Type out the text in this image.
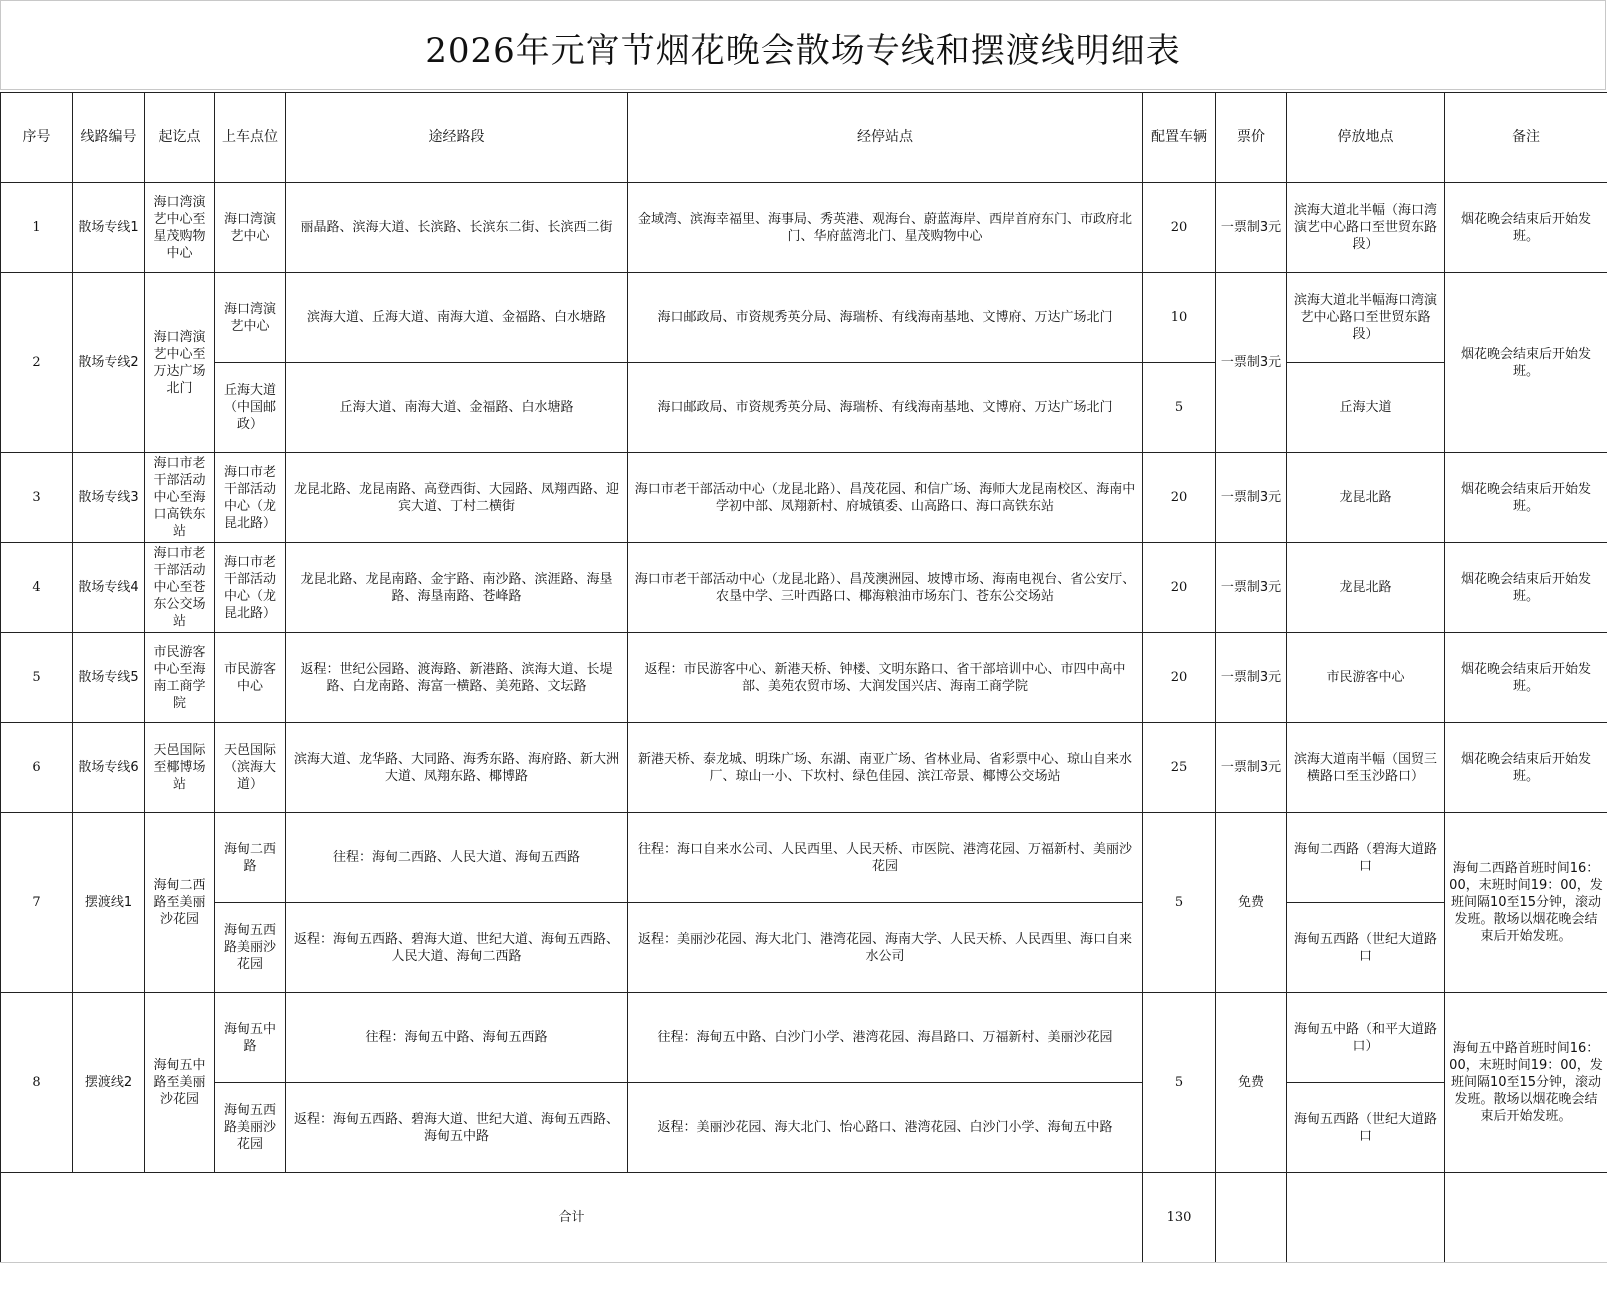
2026年元宵节烟花晚会散场专线和摆渡线明细表
序号	线路编号	起讫点	上车点位	途经路段	经停站点	配置车辆	票价	停放地点	备注
1	散场专线1	海口湾演艺中心至星茂购物中心	海口湾演艺中心	丽晶路、滨海大道、长滨路、长滨东二街、长滨西二街	金域湾、滨海幸福里、海事局、秀英港、观海台、蔚蓝海岸、西岸首府东门、市政府北门、华府蓝湾北门、星茂购物中心	20	一票制3元	滨海大道北半幅（海口湾演艺中心路口至世贸东路段）	烟花晚会结束后开始发班。
2	散场专线2	海口湾演艺中心至万达广场北门	海口湾演艺中心	滨海大道、丘海大道、南海大道、金福路、白水塘路	海口邮政局、市资规秀英分局、海瑞桥、有线海南基地、文博府、万达广场北门	10	一票制3元	滨海大道北半幅海口湾演艺中心路口至世贸东路段）	烟花晚会结束后开始发班。
			丘海大道（中国邮政）	丘海大道、南海大道、金福路、白水塘路	海口邮政局、市资规秀英分局、海瑞桥、有线海南基地、文博府、万达广场北门	5		丘海大道	
3	散场专线3	海口市老干部活动中心至海口高铁东站	海口市老干部活动中心（龙昆北路）	龙昆北路、龙昆南路、高登西街、大园路、凤翔西路、迎宾大道、丁村二横街	海口市老干部活动中心（龙昆北路）、昌茂花园、和信广场、海师大龙昆南校区、海南中学初中部、凤翔新村、府城镇委、山高路口、海口高铁东站	20	一票制3元	龙昆北路	烟花晚会结束后开始发班。
4	散场专线4	海口市老干部活动中心至苍东公交场站	海口市老干部活动中心（龙昆北路）	龙昆北路、龙昆南路、金宇路、南沙路、滨涯路、海垦路、海垦南路、苍峰路	海口市老干部活动中心（龙昆北路）、昌茂澳洲园、坡博市场、海南电视台、省公安厅、农垦中学、三叶西路口、椰海粮油市场东门、苍东公交场站	20	一票制3元	龙昆北路	烟花晚会结束后开始发班。
5	散场专线5	市民游客中心至海南工商学院	市民游客中心	返程：世纪公园路、渡海路、新港路、滨海大道、长堤路、白龙南路、海富一横路、美苑路、文坛路	返程：市民游客中心、新港天桥、钟楼、文明东路口、省干部培训中心、市四中高中部、美苑农贸市场、大润发国兴店、海南工商学院	20	一票制3元	市民游客中心	烟花晚会结束后开始发班。
6	散场专线6	天邑国际至椰博场站	天邑国际（滨海大道）	滨海大道、龙华路、大同路、海秀东路、海府路、新大洲大道、凤翔东路、椰博路	新港天桥、泰龙城、明珠广场、东湖、南亚广场、省林业局、省彩票中心、琼山自来水厂、琼山一小、下坎村、绿色佳园、滨江帝景、椰博公交场站	25	一票制3元	滨海大道南半幅（国贸三横路口至玉沙路口）	烟花晚会结束后开始发班。
7	摆渡线1	海甸二西路至美丽沙花园	海甸二西路	往程：海甸二西路、人民大道、海甸五西路	往程：海口自来水公司、人民西里、人民天桥、市医院、港湾花园、万福新村、美丽沙花园	5	免费	海甸二西路（碧海大道路口	海甸二西路首班时间16：00，末班时间19：00，发班间隔10至15分钟，滚动发班。散场以烟花晚会结束后开始发班。
			海甸五西路美丽沙花园	返程：海甸五西路、碧海大道、世纪大道、海甸五西路、人民大道、海甸二西路	返程：美丽沙花园、海大北门、港湾花园、海南大学、人民天桥、人民西里、海口自来水公司			海甸五西路（世纪大道路口	
8	摆渡线2	海甸五中路至美丽沙花园	海甸五中路	往程：海甸五中路、海甸五西路	往程：海甸五中路、白沙门小学、港湾花园、海昌路口、万福新村、美丽沙花园	5	免费	海甸五中路（和平大道路口）	海甸五中路首班时间16：00，末班时间19：00，发班间隔10至15分钟，滚动发班。散场以烟花晚会结束后开始发班。
			海甸五西路美丽沙花园	返程：海甸五西路、碧海大道、世纪大道、海甸五西路、海甸五中路	返程：美丽沙花园、海大北门、怡心路口、港湾花园、白沙门小学、海甸五中路			海甸五西路（世纪大道路口	
合计						130			
